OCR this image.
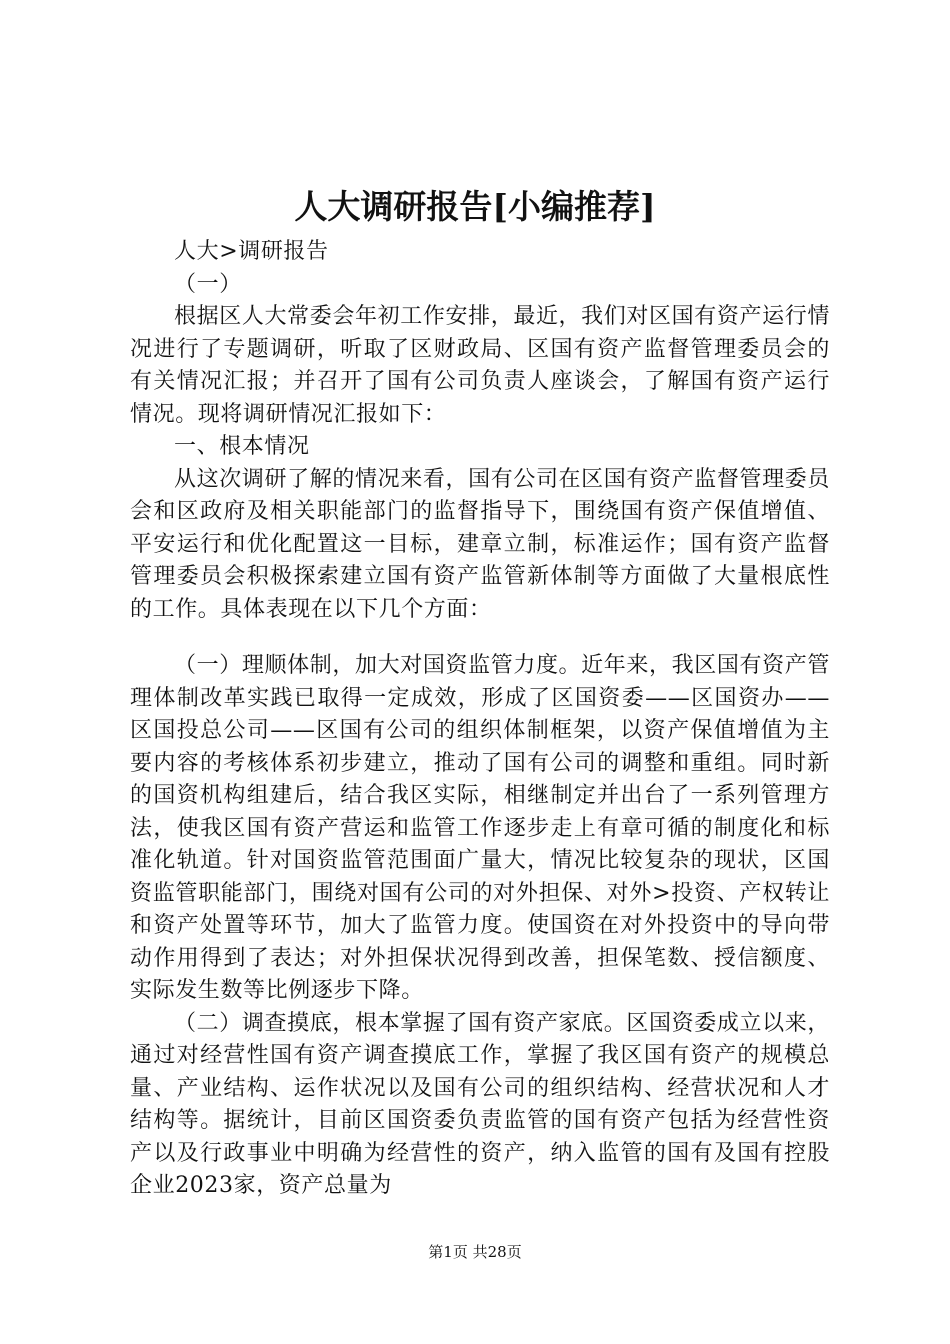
人大调研报告[小编推荐]

人大>调研报告

（一）

根据区人大常委会年初工作安排，最近，我们对区国有资产运行情况进行了专题调研，听取了区财政局、区国有资产监督管理委员会的有关情况汇报；并召开了国有公司负责人座谈会，了解国有资产运行情况。现将调研情况汇报如下：

一、根本情况

从这次调研了解的情况来看，国有公司在区国有资产监督管理委员会和区政府及相关职能部门的监督指导下，围绕国有资产保值增值、平安运行和优化配置这一目标，建章立制，标准运作；国有资产监督管理委员会积极探索建立国有资产监管新体制等方面做了大量根底性的工作。具体表现在以下几个方面：

（一）理顺体制，加大对国资监管力度。近年来，我区国有资产管理体制改革实践已取得一定成效，形成了区国资委——区国资办——区国投总公司——区国有公司的组织体制框架，以资产保值增值为主要内容的考核体系初步建立，推动了国有公司的调整和重组。同时新的国资机构组建后，结合我区实际，相继制定并出台了一系列管理方法，使我区国有资产营运和监管工作逐步走上有章可循的制度化和标准化轨道。针对国资监管范围面广量大，情况比较复杂的现状，区国资监管职能部门，围绕对国有公司的对外担保、对外>投资、产权转让和资产处置等环节，加大了监管力度。使国资在对外投资中的导向带动作用得到了表达；对外担保状况得到改善，担保笔数、授信额度、实际发生数等比例逐步下降。

（二）调查摸底，根本掌握了国有资产家底。区国资委成立以来，通过对经营性国有资产调查摸底工作，掌握了我区国有资产的规模总量、产业结构、运作状况以及国有公司的组织结构、经营状况和人才结构等。据统计，目前区国资委负责监管的国有资产包括为经营性资产以及行政事业中明确为经营性的资产，纳入监管的国有及国有控股企业2023家，资产总量为

第1页 共28页
